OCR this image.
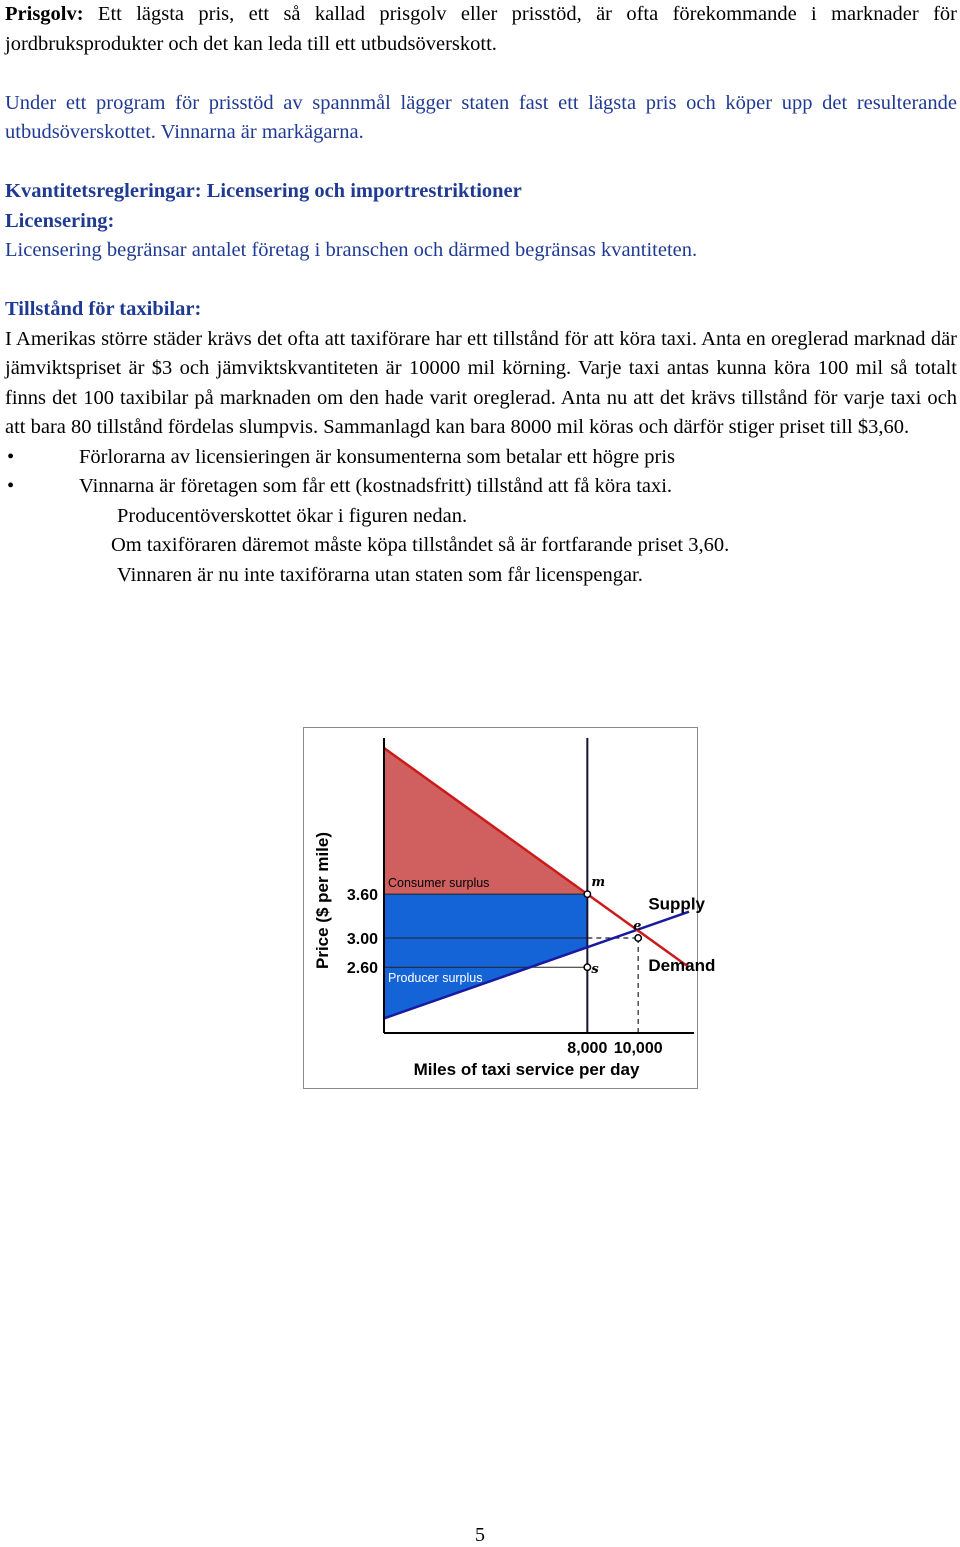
Prisgolv: Ett lägsta pris, ett så kallad prisgolv eller prisstöd, är ofta förekommande i marknader för jordbruksprodukter och det kan leda till ett utbudsöverskott.

Under ett program för prisstöd av spannmål lägger staten fast ett lägsta pris och köper upp det resulterande utbudsöverskottet. Vinnarna är markägarna.

Kvantitetsregleringar: Licensering och importrestriktioner

Licensering:

Licensering begränsar antalet företag i branschen och därmed begränsas kvantiteten.

Tillstånd för taxibilar:

I Amerikas större städer krävs det ofta att taxiförare har ett tillstånd för att köra taxi. Anta en oreglerad marknad där jämviktspriset är $3 och jämviktskvantiteten är 10000 mil körning. Varje taxi antas kunna köra 100 mil så totalt finns det 100 taxibilar på marknaden om den hade varit oreglerad. Anta nu att det krävs tillstånd för varje taxi och att bara 80 tillstånd fördelas slumpvis. Sammanlagd kan bara 8000 mil köras och därför stiger priset till $3,60.

•	Förlorarna av licensieringen är konsumenterna som betalar ett högre pris
•	Vinnarna är företagen som får ett (kostnadsfritt) tillstånd att få köra taxi.

Producentöverskottet ökar i figuren nedan.

Om taxiföraren däremot måste köpa tillståndet så är fortfarande priset 3,60.

Vinnaren är nu inte taxiförarna utan staten som får licenspengar.

m
e
s
2.60
3.00
3.60
8,000 10,000
Miles of taxi service per day
Price ($ per mile)	Consumer surplus
Producer surplus
Supply
Demand
5
